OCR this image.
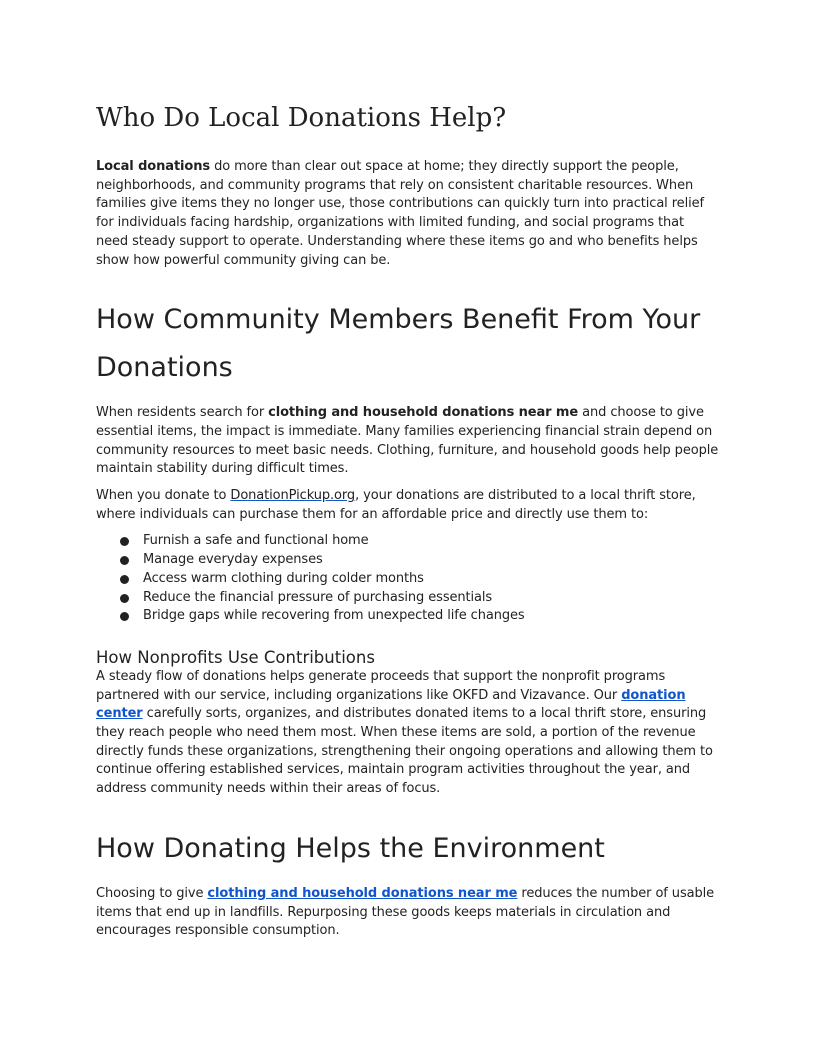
Who Do Local Donations Help?

Local donations do more than clear out space at home; they directly support the people, neighborhoods, and community programs that rely on consistent charitable resources. When families give items they no longer use, those contributions can quickly turn into practical relief for individuals facing hardship, organizations with limited funding, and social programs that need steady support to operate. Understanding where these items go and who benefits helps show how powerful community giving can be.

How Community Members Benefit From Your Donations

When residents search for clothing and household donations near me and choose to give essential items, the impact is immediate. Many families experiencing financial strain depend on community resources to meet basic needs. Clothing, furniture, and household goods help people maintain stability during difficult times.

When you donate to DonationPickup.org, your donations are distributed to a local thrift store, where individuals can purchase them for an affordable price and directly use them to:

Furnish a safe and functional home
Manage everyday expenses
Access warm clothing during colder months
Reduce the financial pressure of purchasing essentials
Bridge gaps while recovering from unexpected life changes
How Nonprofits Use Contributions

A steady flow of donations helps generate proceeds that support the nonprofit programs partnered with our service, including organizations like OKFD and Vizavance. Our donation center carefully sorts, organizes, and distributes donated items to a local thrift store, ensuring they reach people who need them most. When these items are sold, a portion of the revenue directly funds these organizations, strengthening their ongoing operations and allowing them to continue offering established services, maintain program activities throughout the year, and address community needs within their areas of focus.

How Donating Helps the Environment

Choosing to give clothing and household donations near me reduces the number of usable items that end up in landfills. Repurposing these goods keeps materials in circulation and encourages responsible consumption.
